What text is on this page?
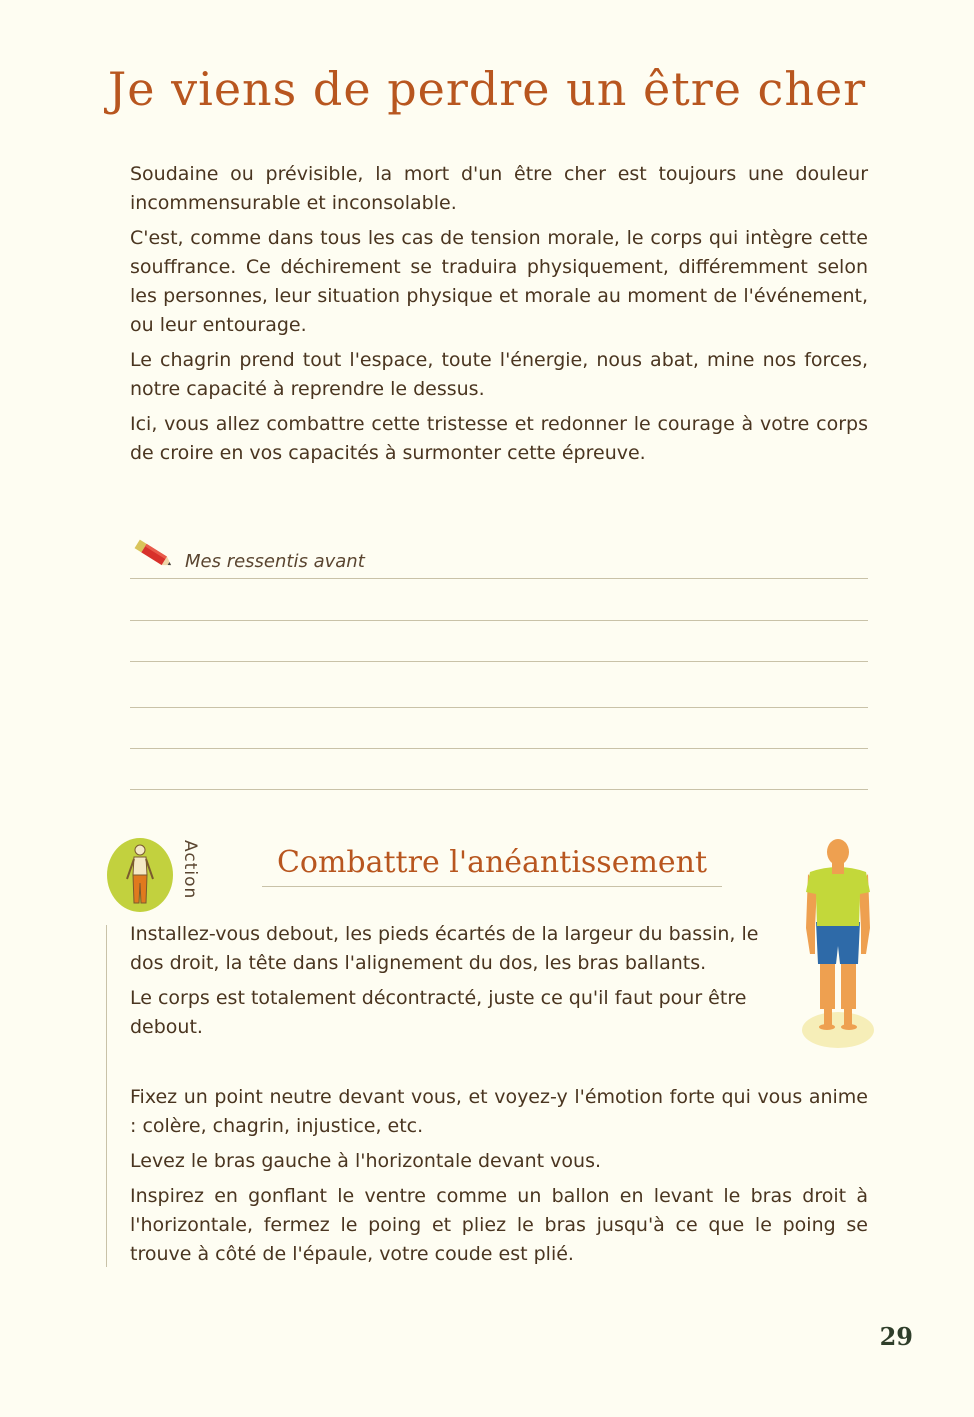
Je viens de perdre un être cher

Soudaine ou prévisible, la mort d'un être cher est toujours une douleur incommensurable et inconsolable.

C'est, comme dans tous les cas de tension morale, le corps qui intègre cette souffrance. Ce déchirement se traduira physiquement, différemment selon les personnes, leur situation physique et morale au moment de l'événement, ou leur entourage.

Le chagrin prend tout l'espace, toute l'énergie, nous abat, mine nos forces, notre capacité à reprendre le dessus.

Ici, vous allez combattre cette tristesse et redonner le courage à votre corps de croire en vos capacités à surmonter cette épreuve.

Mes ressentis avant
Action	Combattre l'anéantissement

Installez-vous debout, les pieds écartés de la largeur du bassin, le dos droit, la tête dans l'alignement du dos, les bras ballants.

Le corps est totalement décontracté, juste ce qu'il faut pour être debout.

Fixez un point neutre devant vous, et voyez-y l'émotion forte qui vous anime : colère, chagrin, injustice, etc.

Levez le bras gauche à l'horizontale devant vous.

Inspirez en gonflant le ventre comme un ballon en levant le bras droit à l'horizontale, fermez le poing et pliez le bras jusqu'à ce que le poing se trouve à côté de l'épaule, votre coude est plié.

29
